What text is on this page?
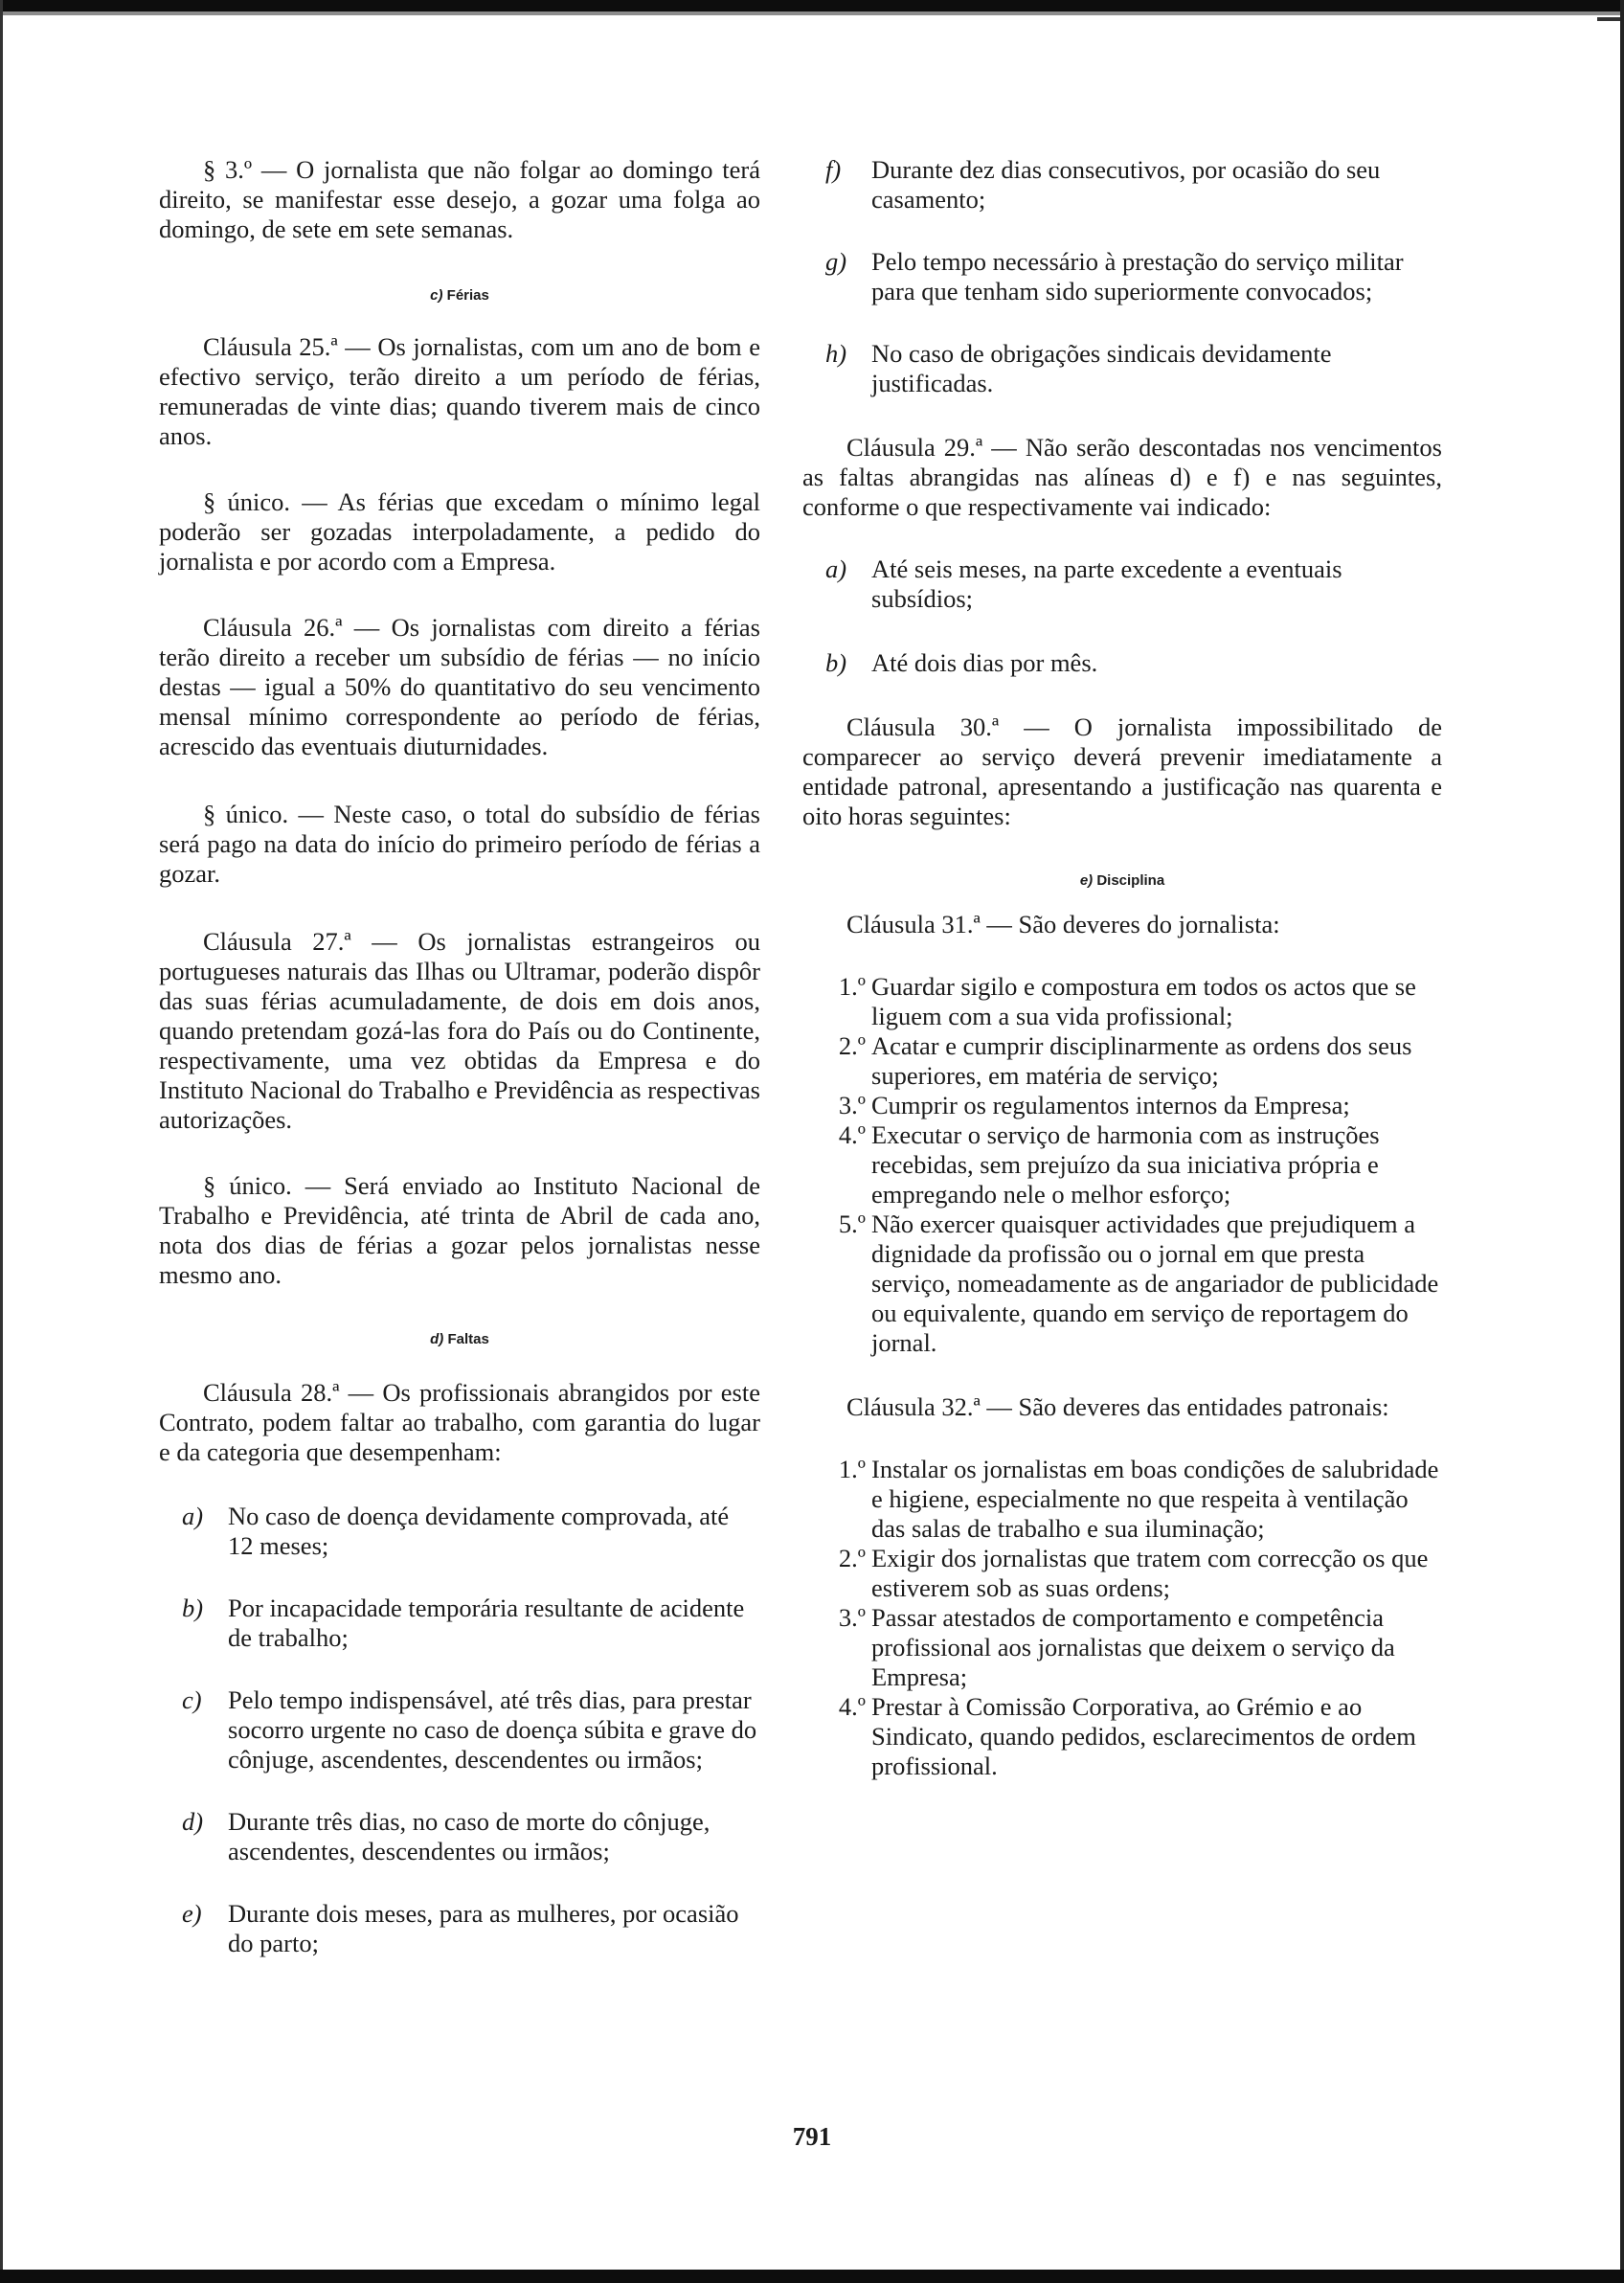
§ 3.º — O jornalista que não folgar ao domingo terá direito, se manifestar esse desejo, a gozar uma folga ao domingo, de sete em sete semanas.

c) Férias

Cláusula 25.ª — Os jornalistas, com um ano de bom e efectivo serviço, terão direito a um período de férias, remuneradas de vinte dias; quando tiverem mais de cinco anos.

§ único. — As férias que excedam o mínimo legal poderão ser gozadas interpoladamente, a pedido do jornalista e por acordo com a Empresa.

Cláusula 26.ª — Os jornalistas com direito a férias terão direito a receber um subsídio de férias — no início destas — igual a 50% do quantitativo do seu vencimento mensal mínimo correspondente ao período de férias, acrescido das eventuais diuturnidades.

§ único. — Neste caso, o total do subsídio de férias será pago na data do início do primeiro período de férias a gozar.

Cláusula 27.ª — Os jornalistas estrangeiros ou portugueses naturais das Ilhas ou Ultramar, poderão dispôr das suas férias acumuladamente, de dois em dois anos, quando pretendam gozá-las fora do País ou do Continente, respectivamente, uma vez obtidas da Empresa e do Instituto Nacional do Trabalho e Previdência as respectivas autorizações.

§ único. — Será enviado ao Instituto Nacional de Trabalho e Previdência, até trinta de Abril de cada ano, nota dos dias de férias a gozar pelos jornalistas nesse mesmo ano.

d) Faltas

Cláusula 28.ª — Os profissionais abrangidos por este Contrato, podem faltar ao trabalho, com garantia do lugar e da categoria que desempenham:

a) No caso de doença devidamente comprovada, até 12 meses;
b) Por incapacidade temporária resultante de acidente de trabalho;
c) Pelo tempo indispensável, até três dias, para prestar socorro urgente no caso de doença súbita e grave do cônjuge, ascendentes, descendentes ou irmãos;
d) Durante três dias, no caso de morte do cônjuge, ascendentes, descendentes ou irmãos;
e) Durante dois meses, para as mulheres, por ocasião do parto;
f) Durante dez dias consecutivos, por ocasião do seu casamento;
g) Pelo tempo necessário à prestação do serviço militar para que tenham sido superiormente convocados;
h) No caso de obrigações sindicais devidamente justificadas.

Cláusula 29.ª — Não serão descontadas nos vencimentos as faltas abrangidas nas alíneas d) e f) e nas seguintes, conforme o que respectivamente vai indicado:

a) Até seis meses, na parte excedente a eventuais subsídios;
b) Até dois dias por mês.

Cláusula 30.ª — O jornalista impossibilitado de comparecer ao serviço deverá prevenir imediatamente a entidade patronal, apresentando a justificação nas quarenta e oito horas seguintes:

e) Disciplina

Cláusula 31.ª — São deveres do jornalista:

1.º Guardar sigilo e compostura em todos os actos que se liguem com a sua vida profissional;
2.º Acatar e cumprir disciplinarmente as ordens dos seus superiores, em matéria de serviço;
3.º Cumprir os regulamentos internos da Empresa;
4.º Executar o serviço de harmonia com as instruções recebidas, sem prejuízo da sua iniciativa própria e empregando nele o melhor esforço;
5.º Não exercer quaisquer actividades que prejudiquem a dignidade da profissão ou o jornal em que presta serviço, nomeadamente as de angariador de publicidade ou equivalente, quando em serviço de reportagem do jornal.

Cláusula 32.ª — São deveres das entidades patronais:

1.º Instalar os jornalistas em boas condições de salubridade e higiene, especialmente no que respeita à ventilação das salas de trabalho e sua iluminação;
2.º Exigir dos jornalistas que tratem com correcção os que estiverem sob as suas ordens;
3.º Passar atestados de comportamento e competência profissional aos jornalistas que deixem o serviço da Empresa;
4.º Prestar à Comissão Corporativa, ao Grémio e ao Sindicato, quando pedidos, esclarecimentos de ordem profissional.
791
